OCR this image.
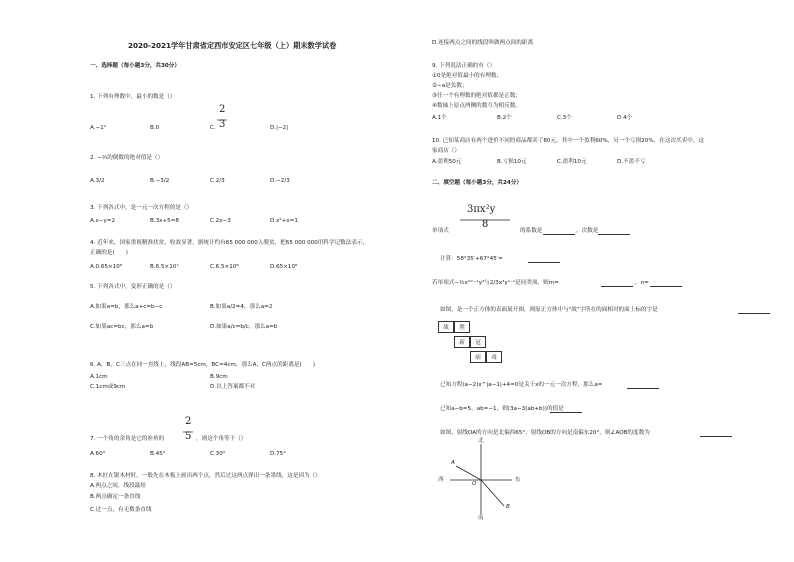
2020-2021学年甘肃省定西市安定区七年级（上）期末数学试卷
一、选择题（每小题3分，共30分）
1. 下列有理数中，最小的数是（）
A.−1²	B.0	C.
2
3	D.|−2|
2. −⅔的倒数的绝对值是（）
A.3/2	B.−3/2	C.2/3	D.−2/3
3. 下列各式中，是一元一次方程的是（）
A.x−y=2	B.3x+5=8	C.2x−3	D.x²+x=1
4. 近年来，国家重视精准扶贫，收效显著，据统计约有65 000 000人脱贫，把65 000 000用科学记数法表示，
正确的是(　　)
A.0.65×10⁸	B.6.5×10⁷	C.6.5×10⁸	D.65×10⁶
5. 下列各式中，变形正确的是（）
A.如果a=b，那么a+c=b−c	B.如果a/2=4，那么a=2
C.如果ac=bc，那么a=b	D.如果a/c=b/c，那么a=b
6. A，B，C三点在同一直线上，线段AB=5cm，BC=4cm，那么A，C两点的距离是(　　)
A.1cm	B.9cm
C.1cm或9cm	D.以上答案都不对
2
5
7. 一个角的余角是它的补角的	，则这个角等于（）
A.60°	B.45°	C.30°	D.75°
8. 木匠在锯木材时，一般先在木板上画出两个点，然后过这两点弹出一条墨线，这是因为（）
A.两点之间，线段最短
B.两点确定一条直线
C.过一点，有无数条直线
D.连接两点之间的线段叫做两点间的距离
9. 下列说法正确的有（）
①0是绝对值最小的有理数；
②−a是负数；
③任一个有理数的绝对值都是正数；
④数轴上原点两侧的数互为相反数。
A.1个	B.2个	C.3个	D.4个
10. 已知某商店有两个进价不同的商品都卖了80元，其中一个盈利60%，另一个亏损20%，在这次买卖中，这
家商店（）
A.盈利50元	B.亏损10元	C.盈利10元	D.不盈不亏
二、填空题（每小题3分，共24分）
3πx²y
8
单项式	的系数是	，次数是
计算：58°35′+67°45′=
若单项式−½x²ᵐ⁻¹y³与2/3x³yⁿ⁻¹是同类项，则m=	，n=
如图，是一个正方体的表面展开图，则原正方体中与"战"字所在的面相对的面上标的字是
战	胜
新	冠
病	毒
已知方程(a−2)x^|a−1|+4=0是关于x的一元一次方程，那么a=
已知a−b=5，ab=−1，则(3a−3(ab+b))的值是
如图，射线OA的方向是北偏西65°，射线OB的方向是南偏东20°，则∠AOB的度数为
北
南
东
西
A
B
O
